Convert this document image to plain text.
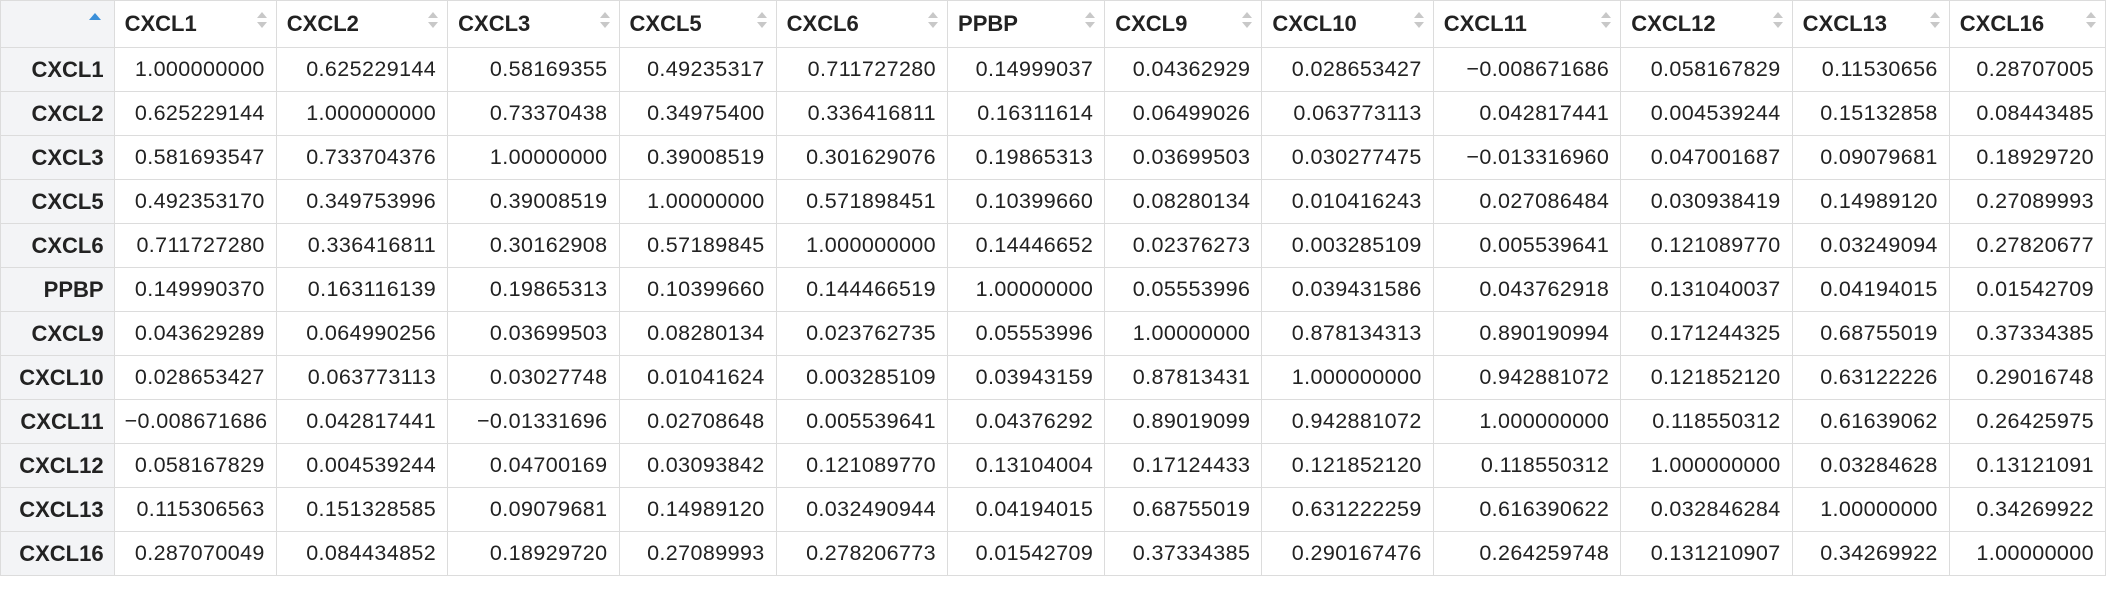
	CXCL1	CXCL2	CXCL3	CXCL5	CXCL6	PPBP	CXCL9	CXCL10	CXCL11	CXCL12	CXCL13	CXCL16

CXCL1	1.000000000	0.625229144	0.58169355	0.49235317	0.711727280	0.14999037	0.04362929	0.028653427	−0.008671686	0.058167829	0.11530656	0.28707005
CXCL2	0.625229144	1.000000000	0.73370438	0.34975400	0.336416811	0.16311614	0.06499026	0.063773113	0.042817441	0.004539244	0.15132858	0.08443485
CXCL3	0.581693547	0.733704376	1.00000000	0.39008519	0.301629076	0.19865313	0.03699503	0.030277475	−0.013316960	0.047001687	0.09079681	0.18929720
CXCL5	0.492353170	0.349753996	0.39008519	1.00000000	0.571898451	0.10399660	0.08280134	0.010416243	0.027086484	0.030938419	0.14989120	0.27089993
CXCL6	0.711727280	0.336416811	0.30162908	0.57189845	1.000000000	0.14446652	0.02376273	0.003285109	0.005539641	0.121089770	0.03249094	0.27820677
PPBP	0.149990370	0.163116139	0.19865313	0.10399660	0.144466519	1.00000000	0.05553996	0.039431586	0.043762918	0.131040037	0.04194015	0.01542709
CXCL9	0.043629289	0.064990256	0.03699503	0.08280134	0.023762735	0.05553996	1.00000000	0.878134313	0.890190994	0.171244325	0.68755019	0.37334385
CXCL10	0.028653427	0.063773113	0.03027748	0.01041624	0.003285109	0.03943159	0.87813431	1.000000000	0.942881072	0.121852120	0.63122226	0.29016748
CXCL11	−0.008671686	0.042817441	−0.01331696	0.02708648	0.005539641	0.04376292	0.89019099	0.942881072	1.000000000	0.118550312	0.61639062	0.26425975
CXCL12	0.058167829	0.004539244	0.04700169	0.03093842	0.121089770	0.13104004	0.17124433	0.121852120	0.118550312	1.000000000	0.03284628	0.13121091
CXCL13	0.115306563	0.151328585	0.09079681	0.14989120	0.032490944	0.04194015	0.68755019	0.631222259	0.616390622	0.032846284	1.00000000	0.34269922
CXCL16	0.287070049	0.084434852	0.18929720	0.27089993	0.278206773	0.01542709	0.37334385	0.290167476	0.264259748	0.131210907	0.34269922	1.00000000
